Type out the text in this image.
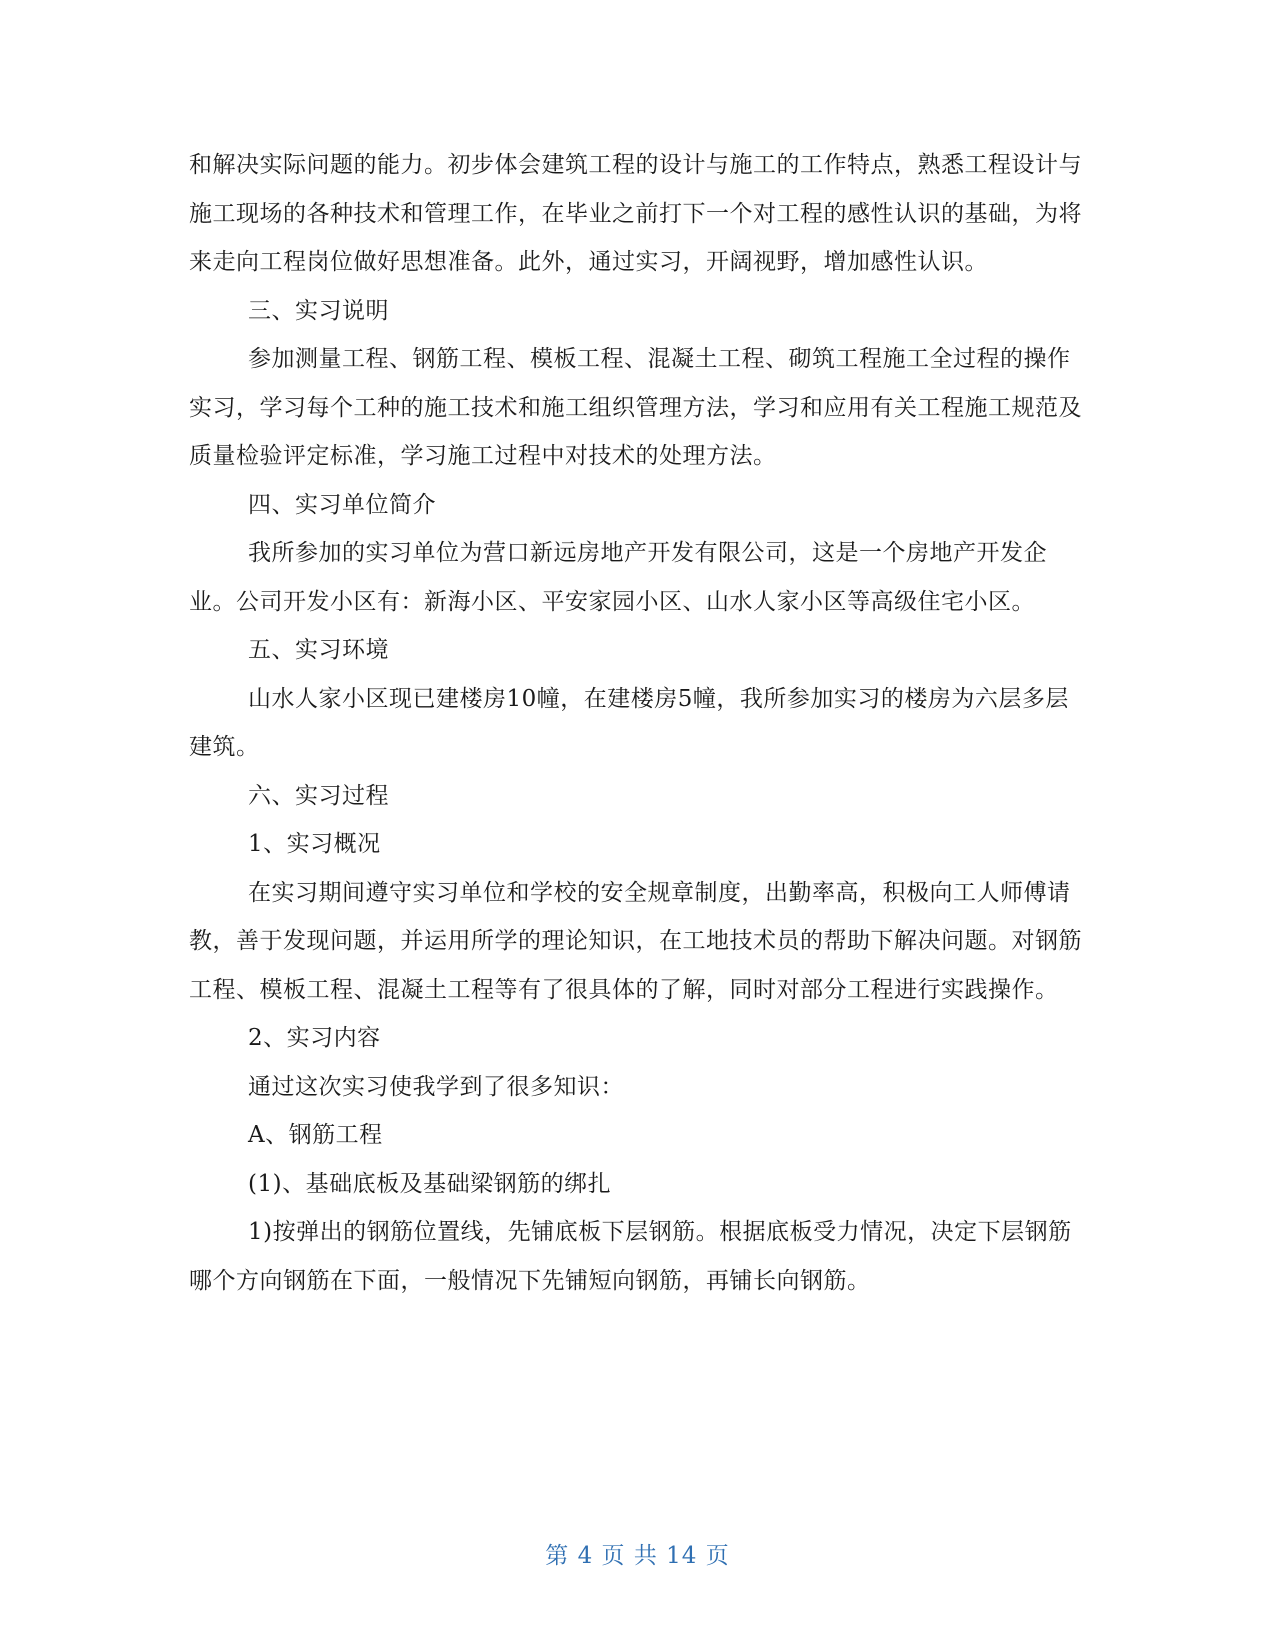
和解决实际问题的能力。初步体会建筑工程的设计与施工的工作特点，熟悉工程设计与施工现场的各种技术和管理工作，在毕业之前打下一个对工程的感性认识的基础，为将来走向工程岗位做好思想准备。此外，通过实习，开阔视野，增加感性认识。

三、实习说明

参加测量工程、钢筋工程、模板工程、混凝土工程、砌筑工程施工全过程的操作实习，学习每个工种的施工技术和施工组织管理方法，学习和应用有关工程施工规范及质量检验评定标准，学习施工过程中对技术的处理方法。

四、实习单位简介

我所参加的实习单位为营口新远房地产开发有限公司，这是一个房地产开发企业。公司开发小区有：新海小区、平安家园小区、山水人家小区等高级住宅小区。

五、实习环境

山水人家小区现已建楼房10幢，在建楼房5幢，我所参加实习的楼房为六层多层建筑。

六、实习过程

1、实习概况

在实习期间遵守实习单位和学校的安全规章制度，出勤率高，积极向工人师傅请教，善于发现问题，并运用所学的理论知识，在工地技术员的帮助下解决问题。对钢筋工程、模板工程、混凝土工程等有了很具体的了解，同时对部分工程进行实践操作。

2、实习内容

通过这次实习使我学到了很多知识：

A、钢筋工程

(1)、基础底板及基础梁钢筋的绑扎

1)按弹出的钢筋位置线，先铺底板下层钢筋。根据底板受力情况，决定下层钢筋哪个方向钢筋在下面，一般情况下先铺短向钢筋，再铺长向钢筋。

第 4 页 共 14 页
